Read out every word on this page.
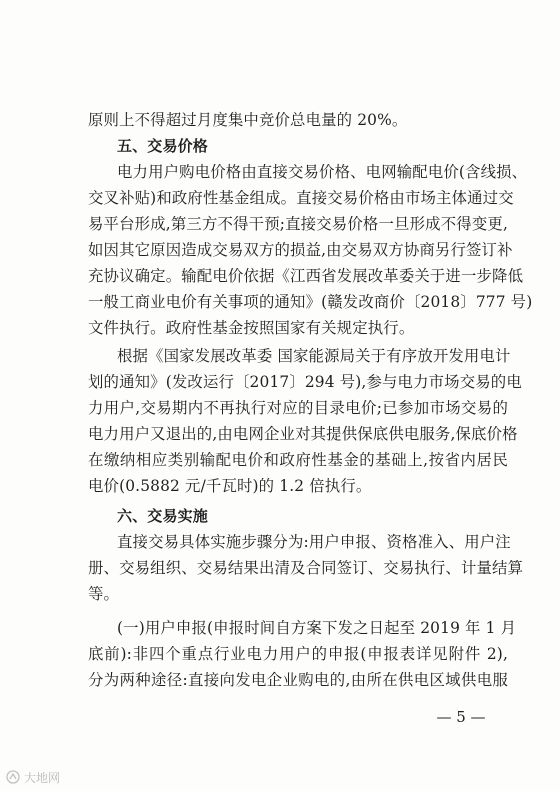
原则上不得超过月度集中竞价总电量的 20%。
五、交易价格
电力用户购电价格由直接交易价格、电网输配电价(含线损、
交叉补贴)和政府性基金组成。直接交易价格由市场主体通过交
易平台形成,第三方不得干预;直接交易价格一旦形成不得变更,
如因其它原因造成交易双方的损益,由交易双方协商另行签订补
充协议确定。输配电价依据《江西省发展改革委关于进一步降低
一般工商业电价有关事项的通知》(赣发改商价〔2018〕777 号)
文件执行。政府性基金按照国家有关规定执行。
根据《国家发展改革委 国家能源局关于有序放开发用电计
划的通知》(发改运行〔2017〕294 号),参与电力市场交易的电
力用户,交易期内不再执行对应的目录电价;已参加市场交易的
电力用户又退出的,由电网企业对其提供保底供电服务,保底价格
在缴纳相应类别输配电价和政府性基金的基础上,按省内居民
电价(0.5882 元/千瓦时)的 1.2 倍执行。
六、交易实施
直接交易具体实施步骤分为:用户申报、资格准入、用户注
册、交易组织、交易结果出清及合同签订、交易执行、计量结算
等。
(一)用户申报(申报时间自方案下发之日起至 2019 年 1 月
底前):非四个重点行业电力用户的申报(申报表详见附件 2),
分为两种途径:直接向发电企业购电的,由所在供电区域供电服
— 5 —
大地网
